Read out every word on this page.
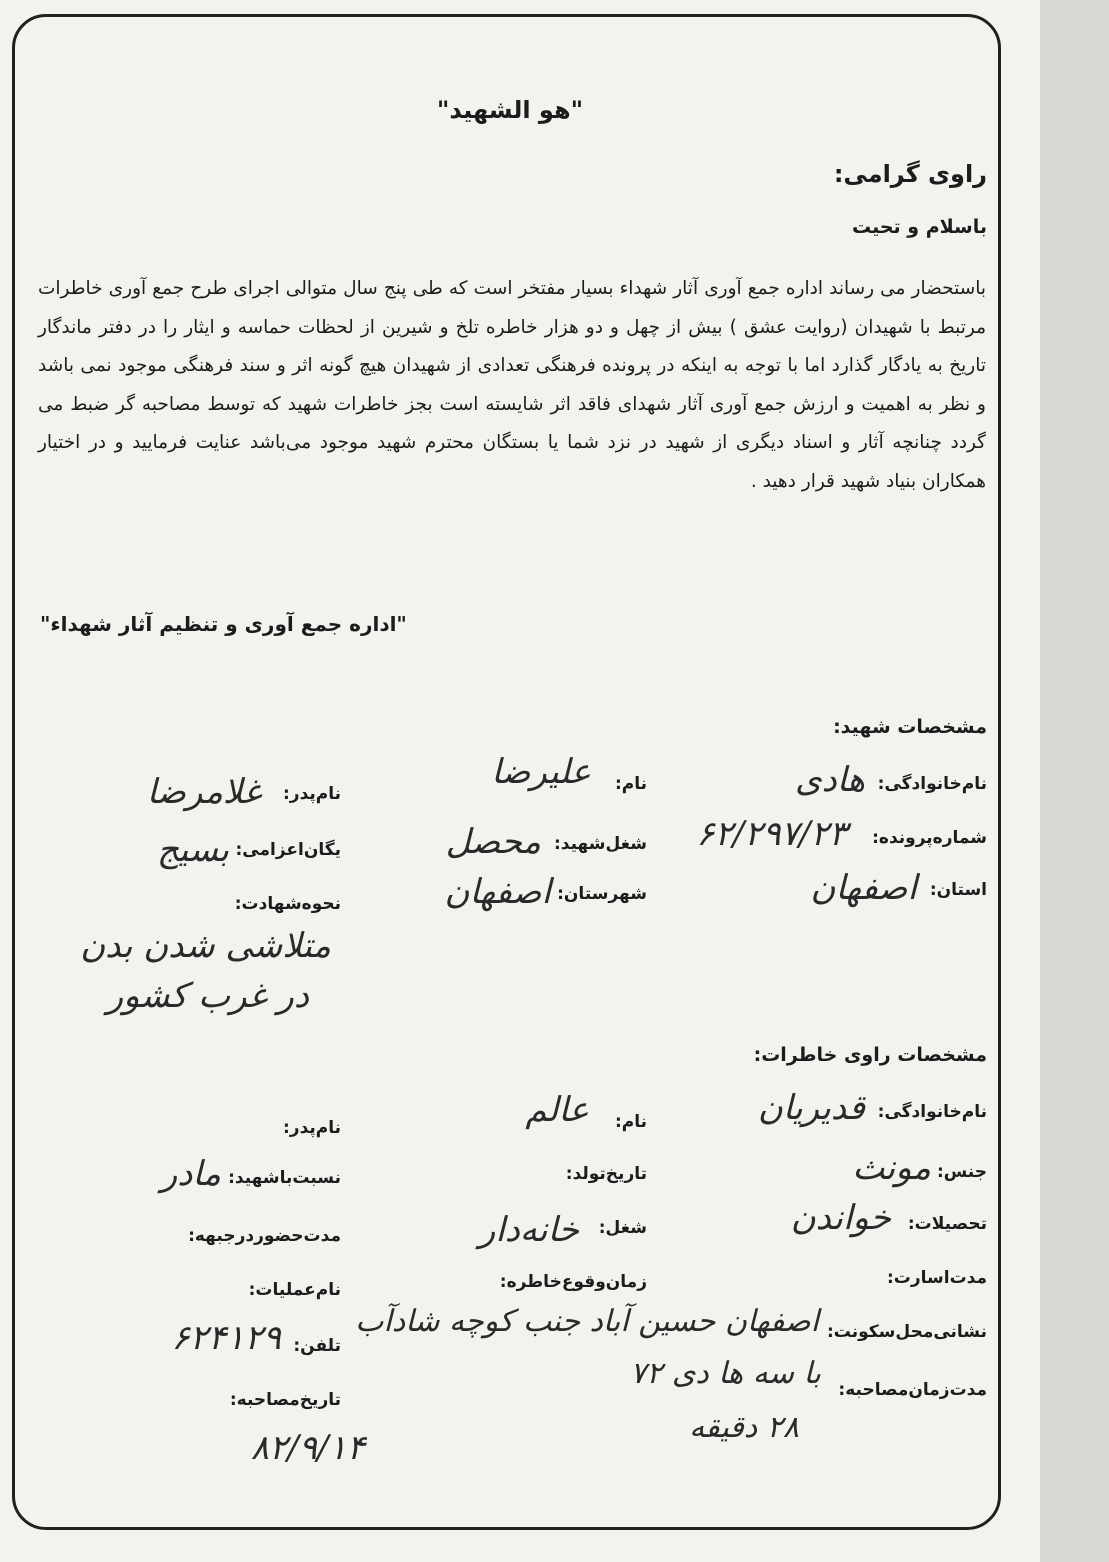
"هو الشهید"
راوی گرامی:
باسلام و تحیت
باستحضار می رساند اداره جمع آوری آثار شهداء بسیار مفتخر است که طی پنج سال متوالی اجرای طرح جمع آوری خاطرات مرتبط با شهیدان (روایت عشق ) بیش از چهل و دو هزار خاطره تلخ و شیرین از لحظات حماسه و ایثار را در دفتر ماندگار تاریخ به یادگار گذارد اما با توجه به اینکه در پرونده فرهنگی تعدادی از شهیدان هیچ گونه اثر و سند فرهنگی موجود نمی باشد و نظر به اهمیت و ارزش جمع آوری آثار شهدای فاقد اثر شایسته است بجز خاطرات شهید که توسط مصاحبه گر ضبط می گردد چنانچه آثار و اسناد دیگری از شهید در نزد شما یا بستگان محترم شهید موجود می‌باشد عنایت فرمایید و در اختیار همکاران بنیاد شهید قرار دهید .
"اداره جمع آوری و تنظیم آثار شهداء"
مشخصات شهید:
نام‌خانوادگی:
هادی
نام:
علیرضا
نام‌پدر:
غلامرضا
شماره‌پرونده:
۶۲/۲۹۷/۲۳
شغل‌شهید:
محصل
یگان‌اعزامی:
بسیج
استان:
اصفهان
شهرستان:
اصفهان
نحوه‌شهادت:
متلاشی شدن بدن
در غرب کشور
مشخصات راوی خاطرات:
نام‌خانوادگی:
قدیریان
نام:
عالم
نام‌پدر:
جنس:
مونث
تاریخ‌تولد:
نسبت‌باشهید:
مادر
تحصیلات:
خواندن
شغل:
خانه‌دار
مدت‌حضوردرجبهه:
مدت‌اسارت:
زمان‌وقوع‌خاطره:
نام‌عملیات:
نشانی‌محل‌سکونت:
اصفهان حسین آباد جنب کوچه شادآب
تلفن:
۶۲۴۱۲۹
مدت‌زمان‌مصاحبه:
با سه ها دی ۷۲
۲۸ دقیقه
تاریخ‌مصاحبه:
۸۲/۹/۱۴
